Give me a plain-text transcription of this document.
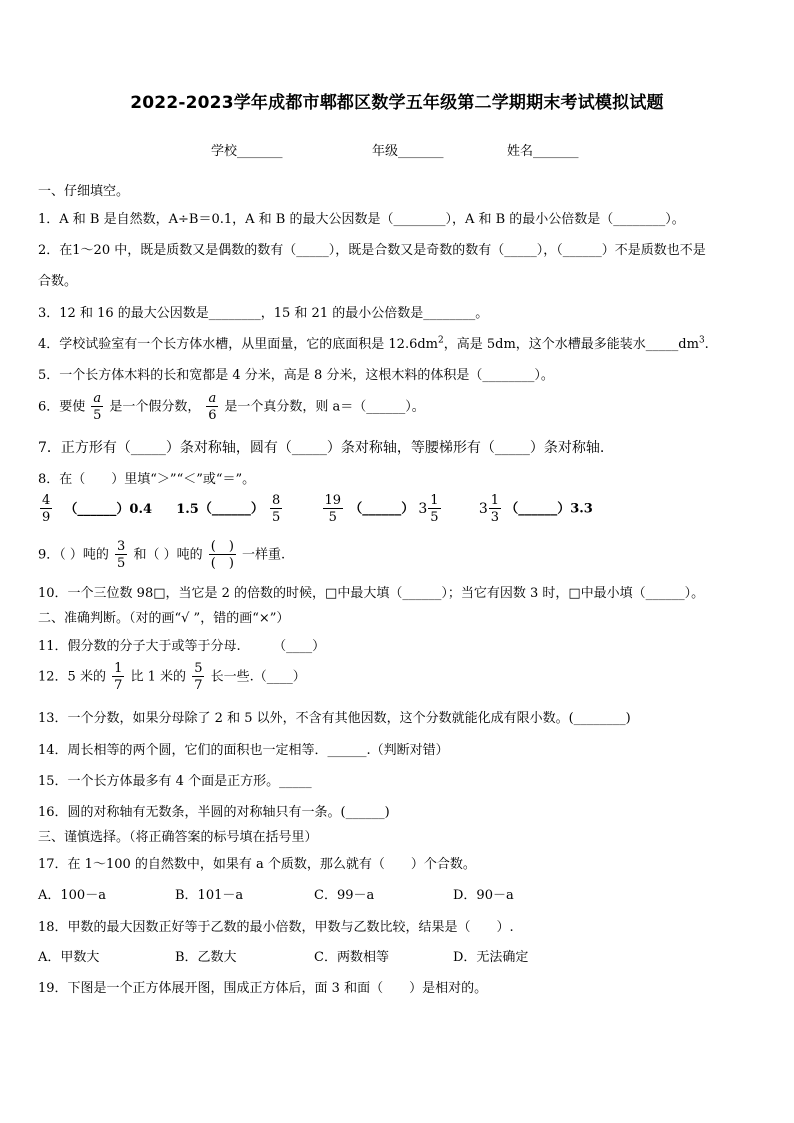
2022-2023学年成都市郫都区数学五年级第二学期期末考试模拟试题
学校_______	年级_______	姓名_______
一、仔细填空。
1．A 和 B 是自然数，A÷B＝0.1，A 和 B 的最大公因数是（________），A 和 B 的最小公倍数是（________）。
2．在1～20 中，既是质数又是偶数的数有（_____），既是合数又是奇数的数有（_____），（______）不是质数也不是
合数。
3．12 和 16 的最大公因数是________，15 和 21 的最小公倍数是________。
4．学校试验室有一个长方体水槽，从里面量，它的底面积是 $12.6dm^2$，高是 5dm，这个水槽最多能装水$\_\_\_\_\_dm^3$.
5．一个长方体木料的长和宽都是 4 分米，高是 8 分米，这根木料的体积是（________）。
6．要使 $\frac{a}{5}$ 是一个假分数， $\frac{a}{6}$ 是一个真分数，则 a＝（______）。
7．正方形有（_____）条对称轴，圆有（_____）条对称轴，等腰梯形有（_____）条对称轴.
8．在（　　）里填“＞”“＜”或“＝”。
$\frac{4}{9}$ （______）0.4 1.5（______） $\frac{8}{5}$
	$\frac{19}{5}$ （______） $3 \frac{1}{5}$
	$3 \frac{1}{3}$ （______）3.3
9．（ ）吨的 $\frac{3}{5}$ 和（ ）吨的 $\frac{( )}{( )}$ 一样重.
10．一个三位数 98□，当它是 2 的倍数的时候，□中最大填（______）；当它有因数 3 时，□中最小填（______）。
二、准确判断。（对的画“√ ”，错的画“×”）
11．假分数的分子大于或等于分母.　　　（____）
12．5 米的 $\frac{1}{7}$ 比 1 米的 $\frac{5}{7}$ 长一些.（____）
13．一个分数，如果分母除了 2 和 5 以外，不含有其他因数，这个分数就能化成有限小数。(________)
14．周长相等的两个圆，它们的面积也一定相等．______.（判断对错）
15．一个长方体最多有 4 个面是正方形。_____
16．圆的对称轴有无数条，半圆的对称轴只有一条。(______)
三、谨慎选择。（将正确答案的标号填在括号里）
17．在 1～100 的自然数中，如果有 a 个质数，那么就有（　　）个合数。
A．100－a	B．101－a	C．99－a	D．90－a
18．甲数的最大因数正好等于乙数的最小倍数，甲数与乙数比较，结果是（　　）.
A．甲数大	B．乙数大	C．两数相等	D．无法确定
19．下图是一个正方体展开图，围成正方体后，面 3 和面（　　）是相对的。
